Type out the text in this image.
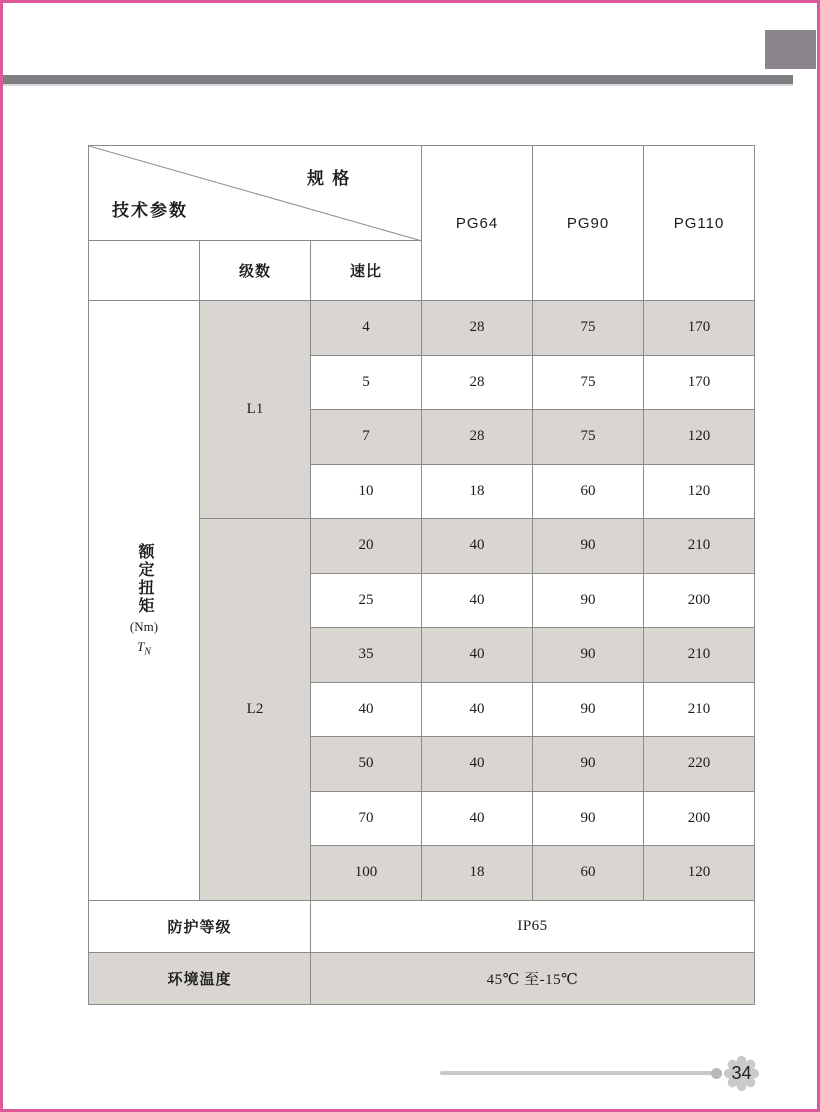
规 格
技术参数			PG64	PG90	PG110
	级数	速比			

额定扭矩
(Nm)
$T_N$	L1	4	28	75	170
		5	28	75	170
		7	28	75	120
		10	18	60	120
	L2	20	40	90	210
		25	40	90	200
		35	40	90	210
		40	40	90	210
		50	40	90	220
		70	40	90	200
		100	18	60	120
防护等级		IP65			
环境温度		45℃ 至-15℃			
34
